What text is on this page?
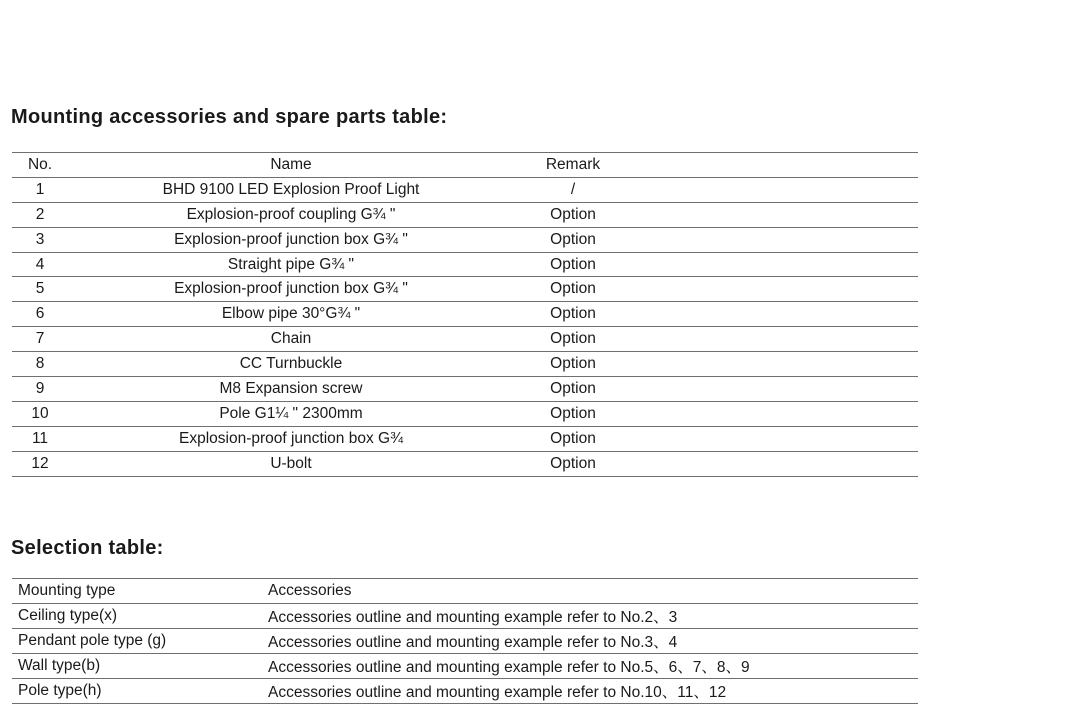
Mounting accessories and spare parts table:
No.	Name	Remark	
1	BHD 9100 LED Explosion Proof Light	/	
2	Explosion-proof coupling G¾ "	Option	
3	Explosion-proof junction box G¾ "	Option	
4	Straight pipe G¾ "	Option	
5	Explosion-proof junction box G¾ "	Option	
6	Elbow pipe 30°G¾ "	Option	
7	Chain	Option	
8	CC Turnbuckle	Option	
9	M8 Expansion screw	Option	
10	Pole G1¼ " 2300mm	Option	
11	Explosion-proof junction box G¾	Option	
12	U-bolt	Option	
Selection table:
Mounting type	Accessories
Ceiling type(x)	Accessories outline and mounting example refer to No.2、3
Pendant pole type (g)	Accessories outline and mounting example refer to No.3、4
Wall type(b)	Accessories outline and mounting example refer to No.5、6、7、8、9
Pole type(h)	Accessories outline and mounting example refer to No.10、11、12
